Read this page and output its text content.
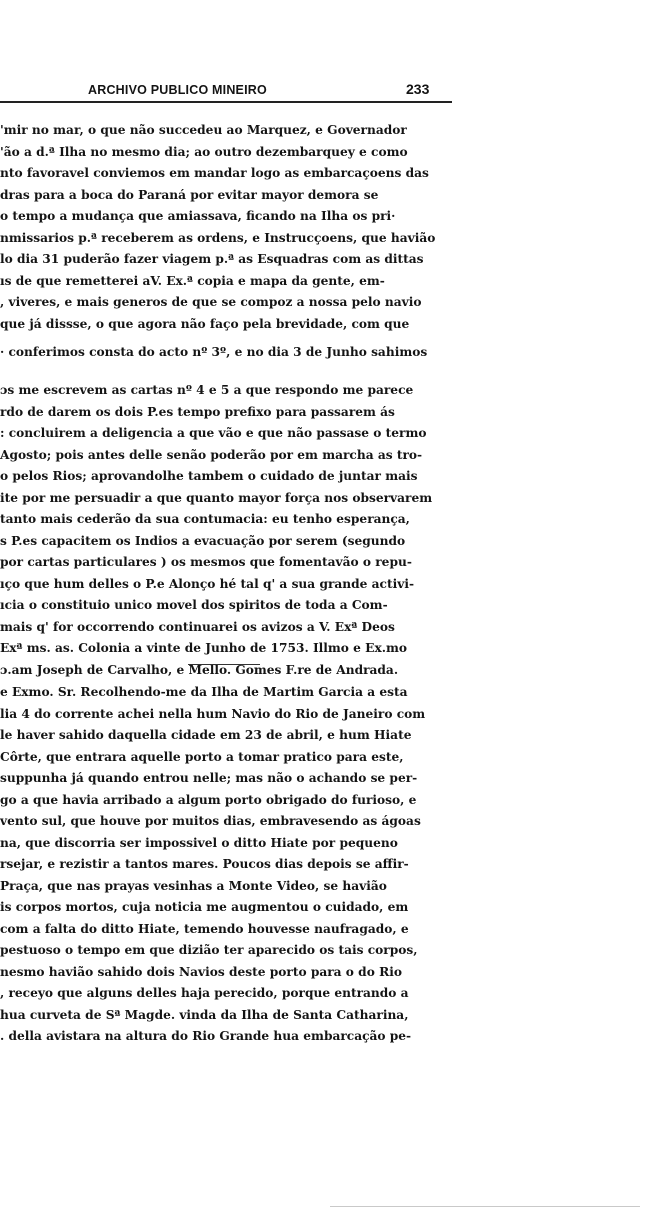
ARCHIVO PUBLICO MINEIRO	233
'mir no mar, o que não succedeu ao Marquez, e Governador
'ão a d.ª Ilha no mesmo dia; ao outro dezembarquey e como
nto favoravel conviemos em mandar logo as embarcaçoens das
dras para a boca do Paraná por evitar mayor demora se
o tempo a mudança que amiassava, ficando na Ilha os pri·
nmissarios p.ª receberem as ordens, e Instrucçoens, que havião
lo dia 31 puderão fazer viagem p.ª as Esquadras com as dittas
ıs de que remetterei aV. Ex.ª copia e mapa da gente, em-
, viveres, e mais generos de que se compoz a nossa pelo navio
que já dissse, o que agora não faço pela brevidade, com que
· conferimos consta do acto nº 3º, e no dia 3 de Junho sahimos
ɔs me escrevem as cartas nº 4 e 5 a que respondo me parece
rdo de darem os dois P.es tempo prefixo para passarem ás
: concluirem a deligencia a que vão e que não passase o termo
Agosto; pois antes delle senão poderão por em marcha as tro-
o pelos Rios; aprovandolhe tambem o cuidado de juntar mais
ite por me persuadir a que quanto mayor força nos observarem
tanto mais cederão da sua contumacia: eu tenho esperança,
s P.es capacitem os Indios a evacuação por serem (segundo
por cartas particulares ) os mesmos que fomentavão o repu-
ıço que hum delles o P.e Alonço hé tal q' a sua grande activi-
ıcia o constituio unico movel dos spiritos de toda a Com-
mais q' for occorrendo continuarei os avizos a V. Exª Deos
Exª ms. as. Colonia a vinte de Junho de 1753. Illmo e Ex.mo
ɔ.am Joseph de Carvalho, e Mello. Gomes F.re de Andrada.
e Exmo. Sr. Recolhendo-me da Ilha de Martim Garcia a esta
lia 4 do corrente achei nella hum Navio do Rio de Janeiro com
le haver sahido daquella cidade em 23 de abril, e hum Hiate
Côrte, que entrara aquelle porto a tomar pratico para este,
suppunha já quando entrou nelle; mas não o achando se per-
go a que havia arribado a algum porto obrigado do furioso, e
vento sul, que houve por muitos dias, embravesendo as ágoas
na, que discorria ser impossivel o ditto Hiate por pequeno
rsejar, e rezistir a tantos mares. Poucos dias depois se affir-
Praça, que nas prayas vesinhas a Monte Video, se havião
is corpos mortos, cuja noticia me augmentou o cuidado, em
com a falta do ditto Hiate, temendo houvesse naufragado, e
pestuoso o tempo em que dizião ter aparecido os tais corpos,
nesmo havião sahido dois Navios deste porto para o do Rio
, receyo que alguns delles haja perecido, porque entrando a
hua curveta de Sª Magde. vinda da Ilha de Santa Catharina,
. della avistara na altura do Rio Grande hua embarcação pe-
